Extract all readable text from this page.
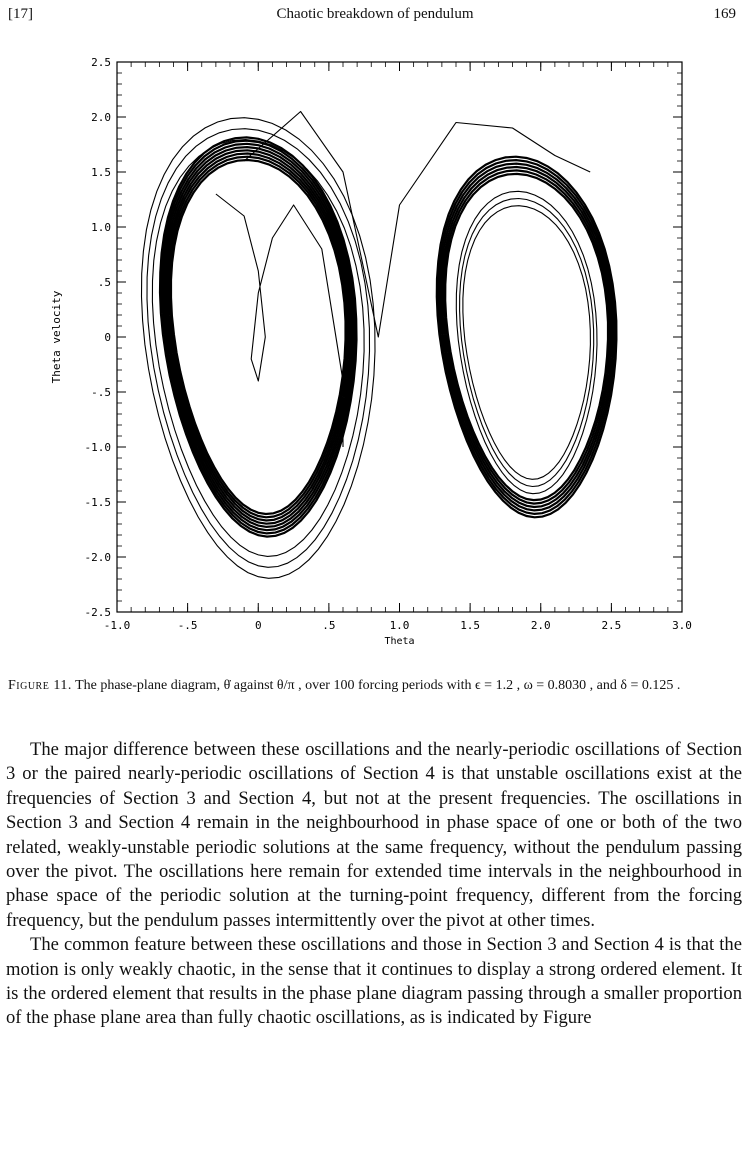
[17]	Chaotic breakdown of pendulum	169
-1.0	-.5	0	.5	1.0	1.5	2.0	2.5	3.0
2.5
2.0
1.5
1.0
.5
0
-.5
-1.0
-1.5
-2.0
-2.5
Theta
Theta velocity
Figure 11. The phase-plane diagram, θ̇ against θ/π , over 100 forcing periods with ϵ = 1.2 , ω = 0.8030 , and δ = 0.125 .

The major difference between these oscillations and the nearly-periodic oscillations of Section 3 or the paired nearly-periodic oscillations of Section 4 is that unstable oscillations exist at the frequencies of Section 3 and Section 4, but not at the present frequencies. The oscillations in Section 3 and Section 4 remain in the neighbourhood in phase space of one or both of the two related, weakly-unstable periodic solutions at the same frequency, without the pendulum passing over the pivot. The oscillations here remain for extended time intervals in the neighbourhood in phase space of the periodic solution at the turning-point frequency, different from the forcing frequency, but the pendulum passes intermittently over the pivot at other times.

The common feature between these oscillations and those in Section 3 and Section 4 is that the motion is only weakly chaotic, in the sense that it continues to display a strong ordered element. It is the ordered element that results in the phase plane diagram passing through a smaller proportion of the phase plane area than fully chaotic oscillations, as is indicated by Figure
